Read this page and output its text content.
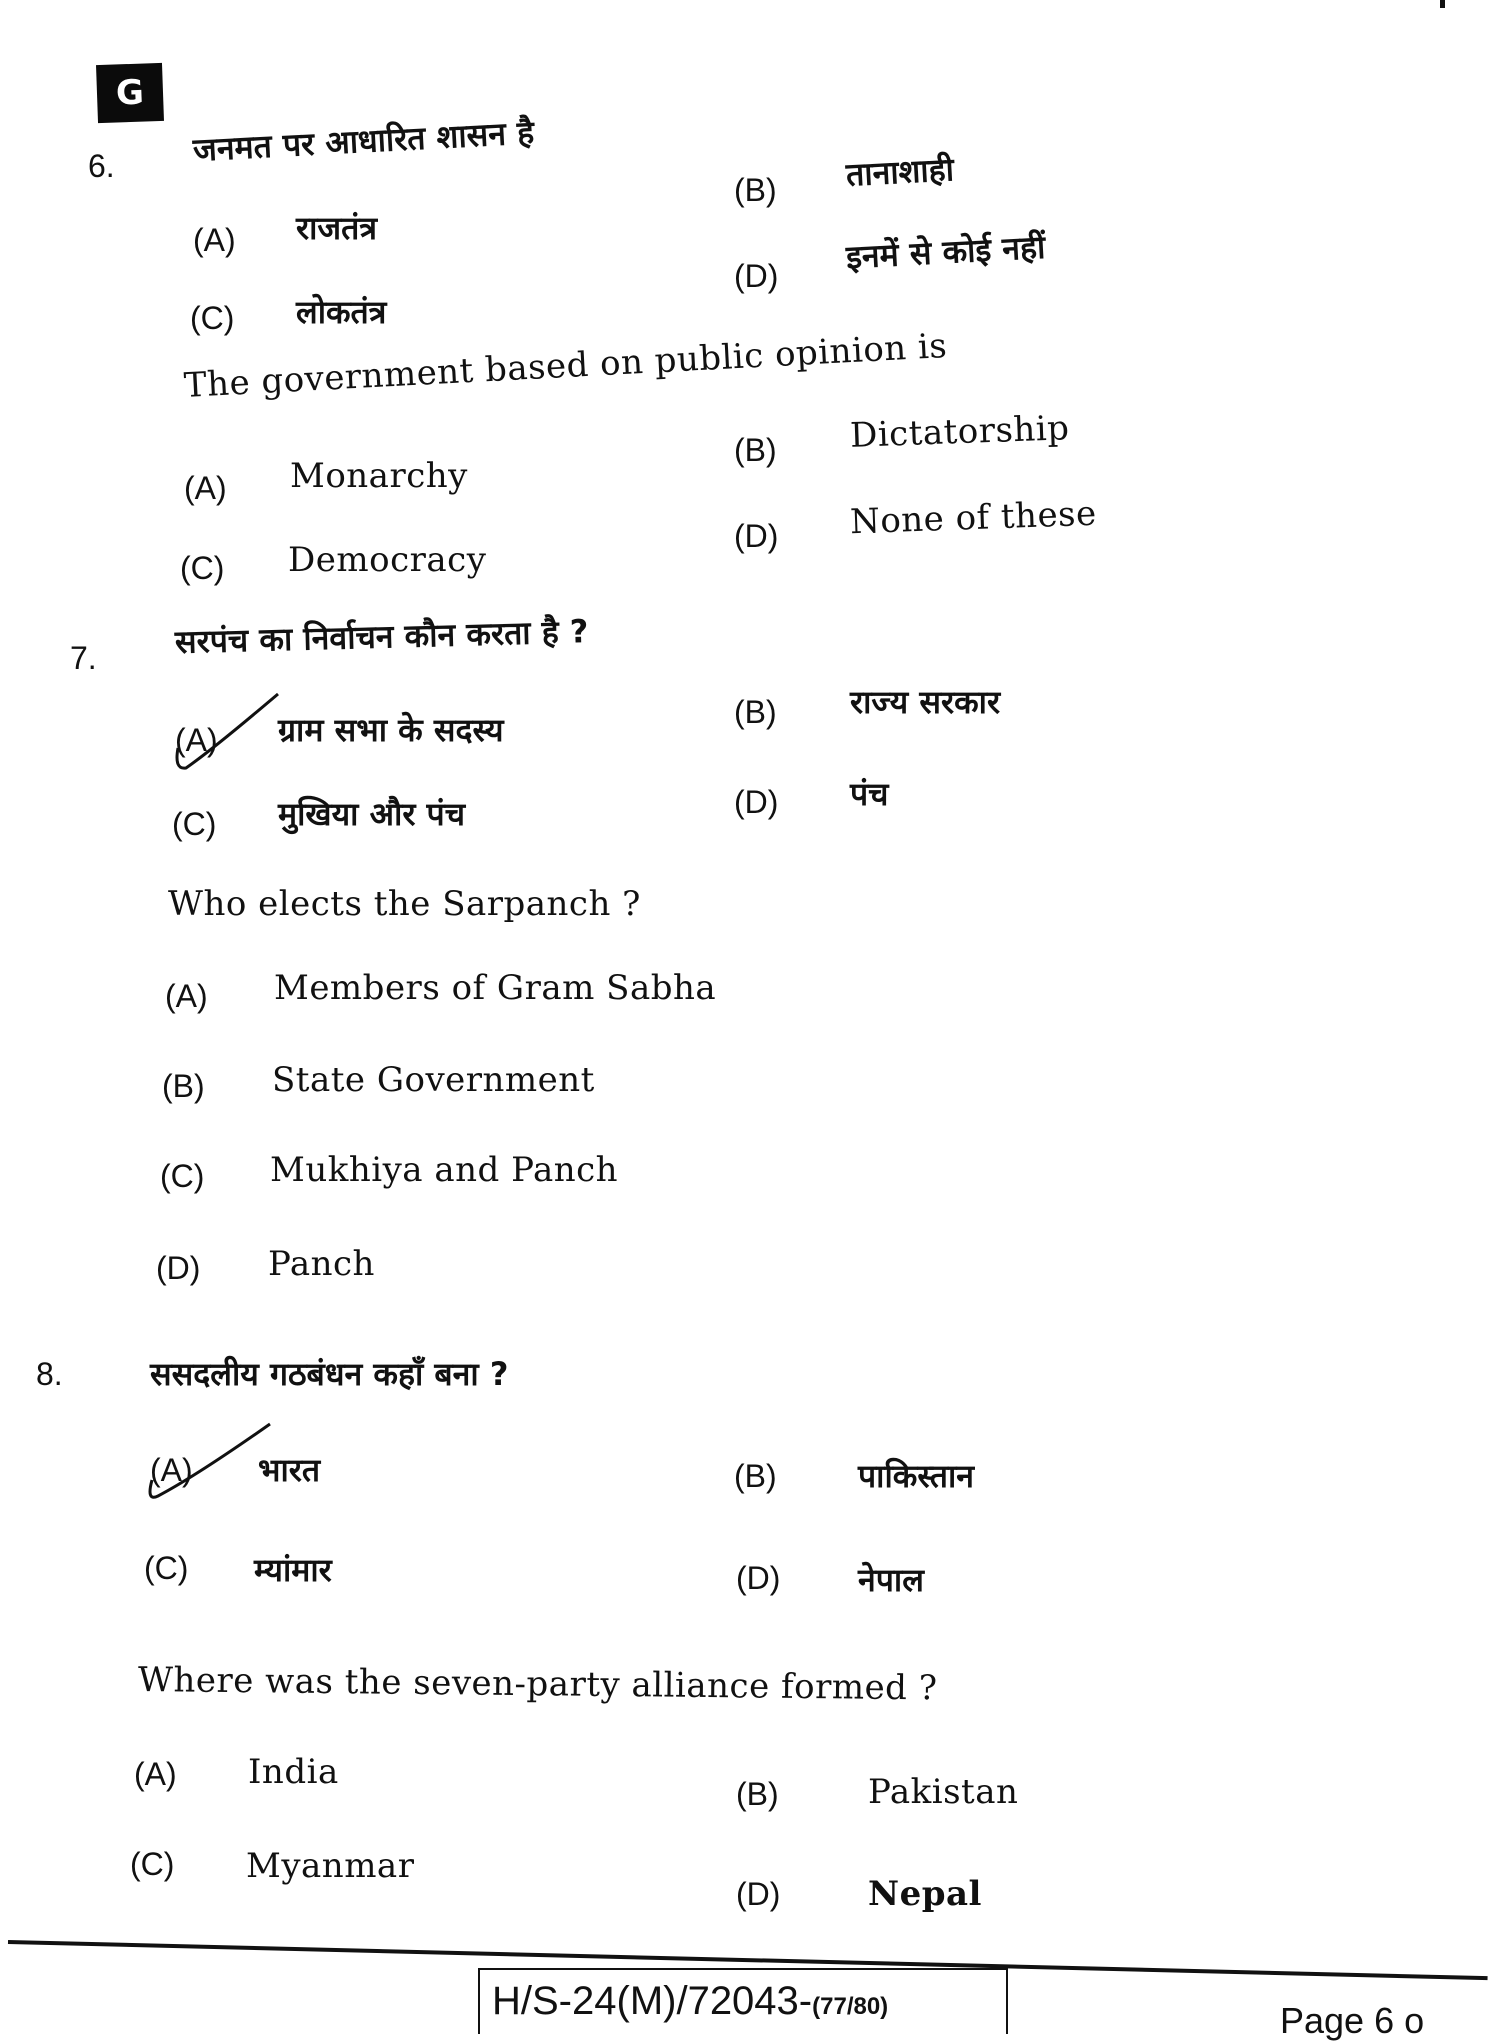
G
6. जनमत पर आधारित शासन है
(A) राजतंत्र
(B) तानाशाही
(C) लोकतंत्र
(D) इनमें से कोई नहीं
The government based on public opinion is
(A) Monarchy
(B) Dictatorship
(C) Democracy
(D) None of these
7. सरपंच का निर्वाचन कौन करता है ?
(A) ग्राम सभा के सदस्य	(B) राज्य सरकार
(C) मुखिया और पंच	(D) पंच
Who elects the Sarpanch ?
(A) Members of Gram Sabha
(B) State Government
(C) Mukhiya and Panch
(D) Panch
8.	ससदलीय गठबंधन कहाँ बना ?
(A) भारत	(B)	पाकिस्तान
(C) म्यांमार	(D) नेपाल
Where was the seven-party alliance formed ?
(A) India
(B)	Pakistan
(C) Myanmar
(D)	Nepal
H/S-24(M)/72043-(77/80)	Page 6 o
